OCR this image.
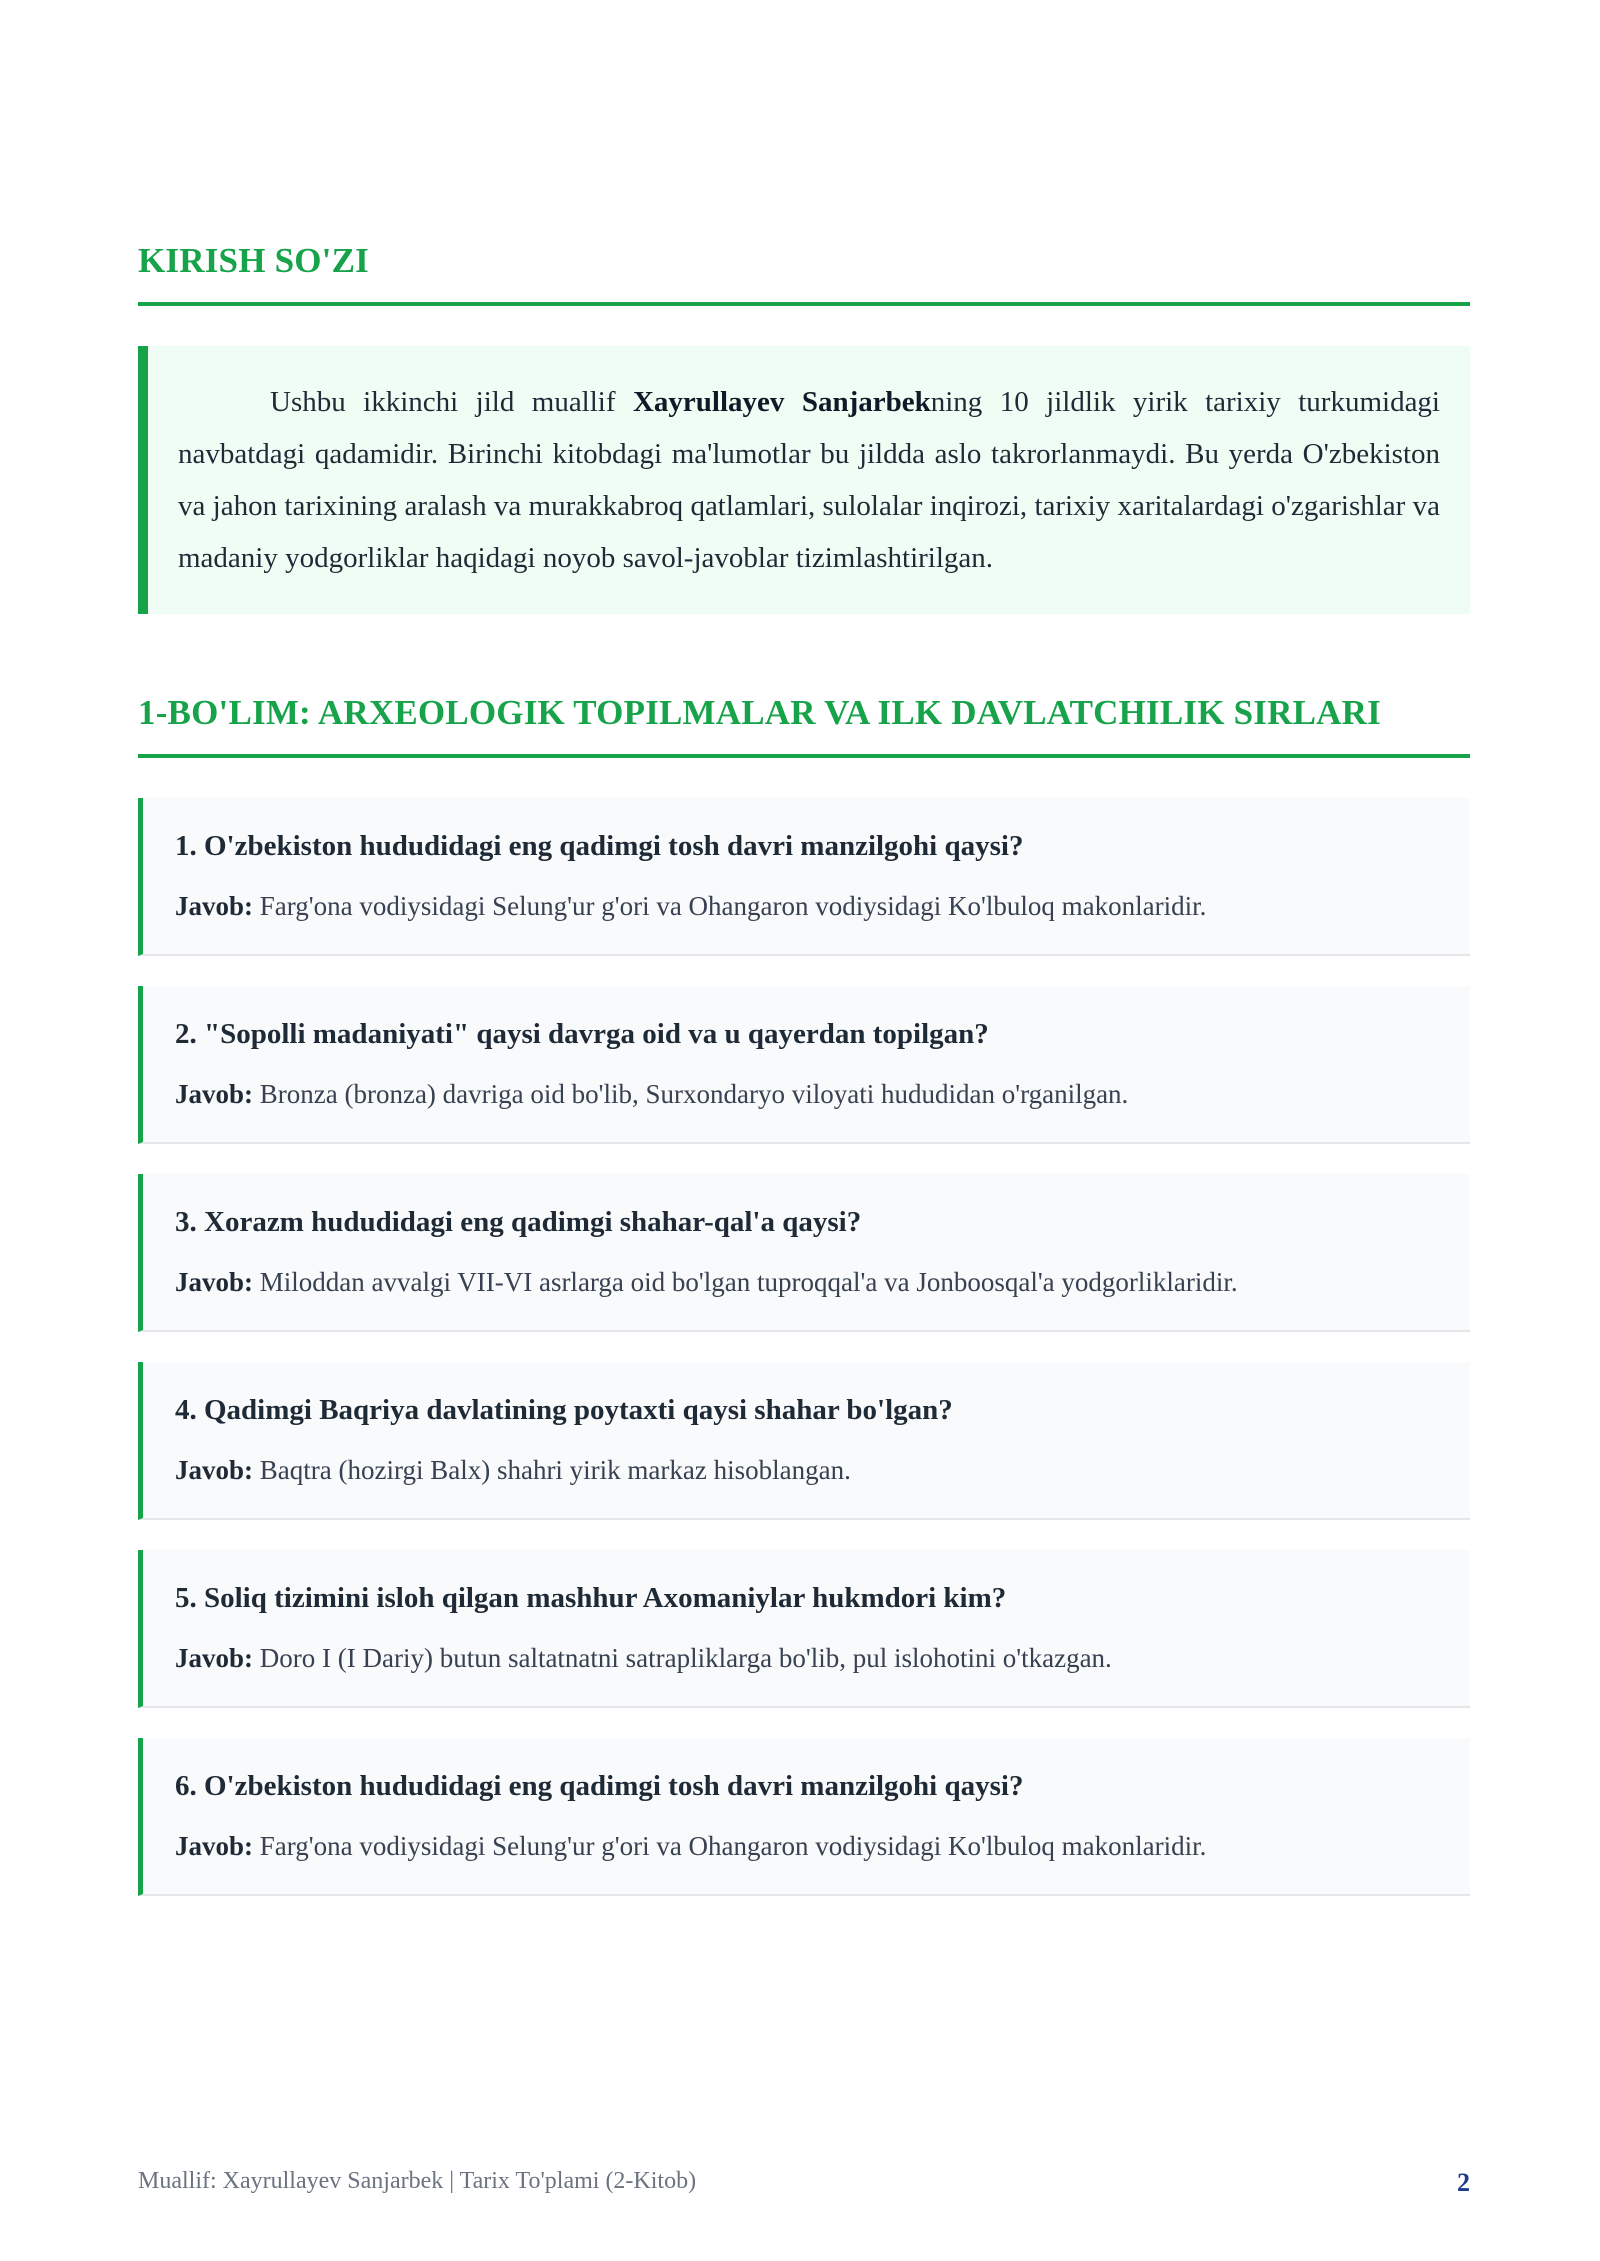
KIRISH SO'ZI

Ushbu ikkinchi jild muallif Xayrullayev Sanjarbekning 10 jildlik yirik tarixiy turkumidagi navbatdagi qadamidir. Birinchi kitobdagi ma'lumotlar bu jildda aslo takrorlanmaydi. Bu yerda O'zbekiston va jahon tarixining aralash va murakkabroq qatlamlari, sulolalar inqirozi, tarixiy xaritalardagi o'zgarishlar va madaniy yodgorliklar haqidagi noyob savol-javoblar tizimlashtirilgan.

1-BO'LIM: ARXEOLOGIK TOPILMALAR VA ILK DAVLATCHILIK SIRLARI

1. O'zbekiston hududidagi eng qadimgi tosh davri manzilgohi qaysi?

Javob: Farg'ona vodiysidagi Selung'ur g'ori va Ohangaron vodiysidagi Ko'lbuloq makonlaridir.

2. "Sopolli madaniyati" qaysi davrga oid va u qayerdan topilgan?

Javob: Bronza (bronza) davriga oid bo'lib, Surxondaryo viloyati hududidan o'rganilgan.

3. Xorazm hududidagi eng qadimgi shahar-qal'a qaysi?

Javob: Miloddan avvalgi VII-VI asrlarga oid bo'lgan tuproqqal'a va Jonboosqal'a yodgorliklaridir.

4. Qadimgi Baqriya davlatining poytaxti qaysi shahar bo'lgan?

Javob: Baqtra (hozirgi Balx) shahri yirik markaz hisoblangan.

5. Soliq tizimini isloh qilgan mashhur Axomaniylar hukmdori kim?

Javob: Doro I (I Dariy) butun saltatnatni satrapliklarga bo'lib, pul islohotini o'tkazgan.

6. O'zbekiston hududidagi eng qadimgi tosh davri manzilgohi qaysi?

Javob: Farg'ona vodiysidagi Selung'ur g'ori va Ohangaron vodiysidagi Ko'lbuloq makonlaridir.

Muallif: Xayrullayev Sanjarbek | Tarix To'plami (2-Kitob)	2
